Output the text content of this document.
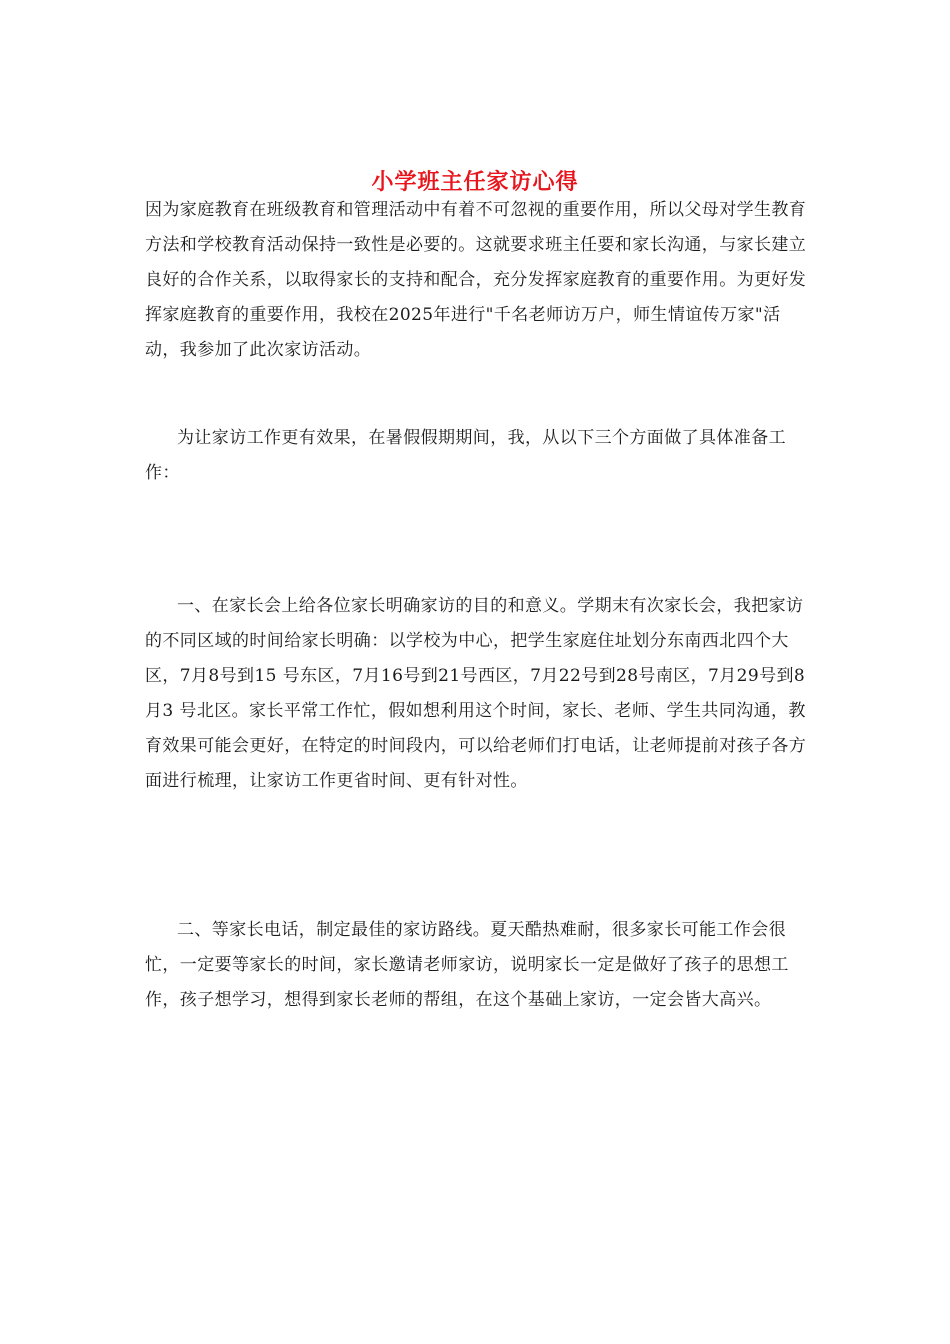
小学班主任家访心得

因为家庭教育在班级教育和管理活动中有着不可忽视的重要作用，所以父母对学生教育方法和学校教育活动保持一致性是必要的。这就要求班主任要和家长沟通，与家长建立良好的合作关系，以取得家长的支持和配合，充分发挥家庭教育的重要作用。为更好发挥家庭教育的重要作用，我校在2025年进行"千名老师访万户，师生情谊传万家"活动，我参加了此次家访活动。

为让家访工作更有效果，在暑假假期期间，我，从以下三个方面做了具体准备工作：

一、在家长会上给各位家长明确家访的目的和意义。学期末有次家长会，我把家访的不同区域的时间给家长明确：以学校为中心，把学生家庭住址划分东南西北四个大区，7月8号到15 号东区，7月16号到21号西区，7月22号到28号南区，7月29号到8月3 号北区。家长平常工作忙，假如想利用这个时间，家长、老师、学生共同沟通，教育效果可能会更好，在特定的时间段内，可以给老师们打电话，让老师提前对孩子各方面进行梳理，让家访工作更省时间、更有针对性。

二、等家长电话，制定最佳的家访路线。夏天酷热难耐，很多家长可能工作会很忙，一定要等家长的时间，家长邀请老师家访，说明家长一定是做好了孩子的思想工作，孩子想学习，想得到家长老师的帮组，在这个基础上家访，一定会皆大高兴。
